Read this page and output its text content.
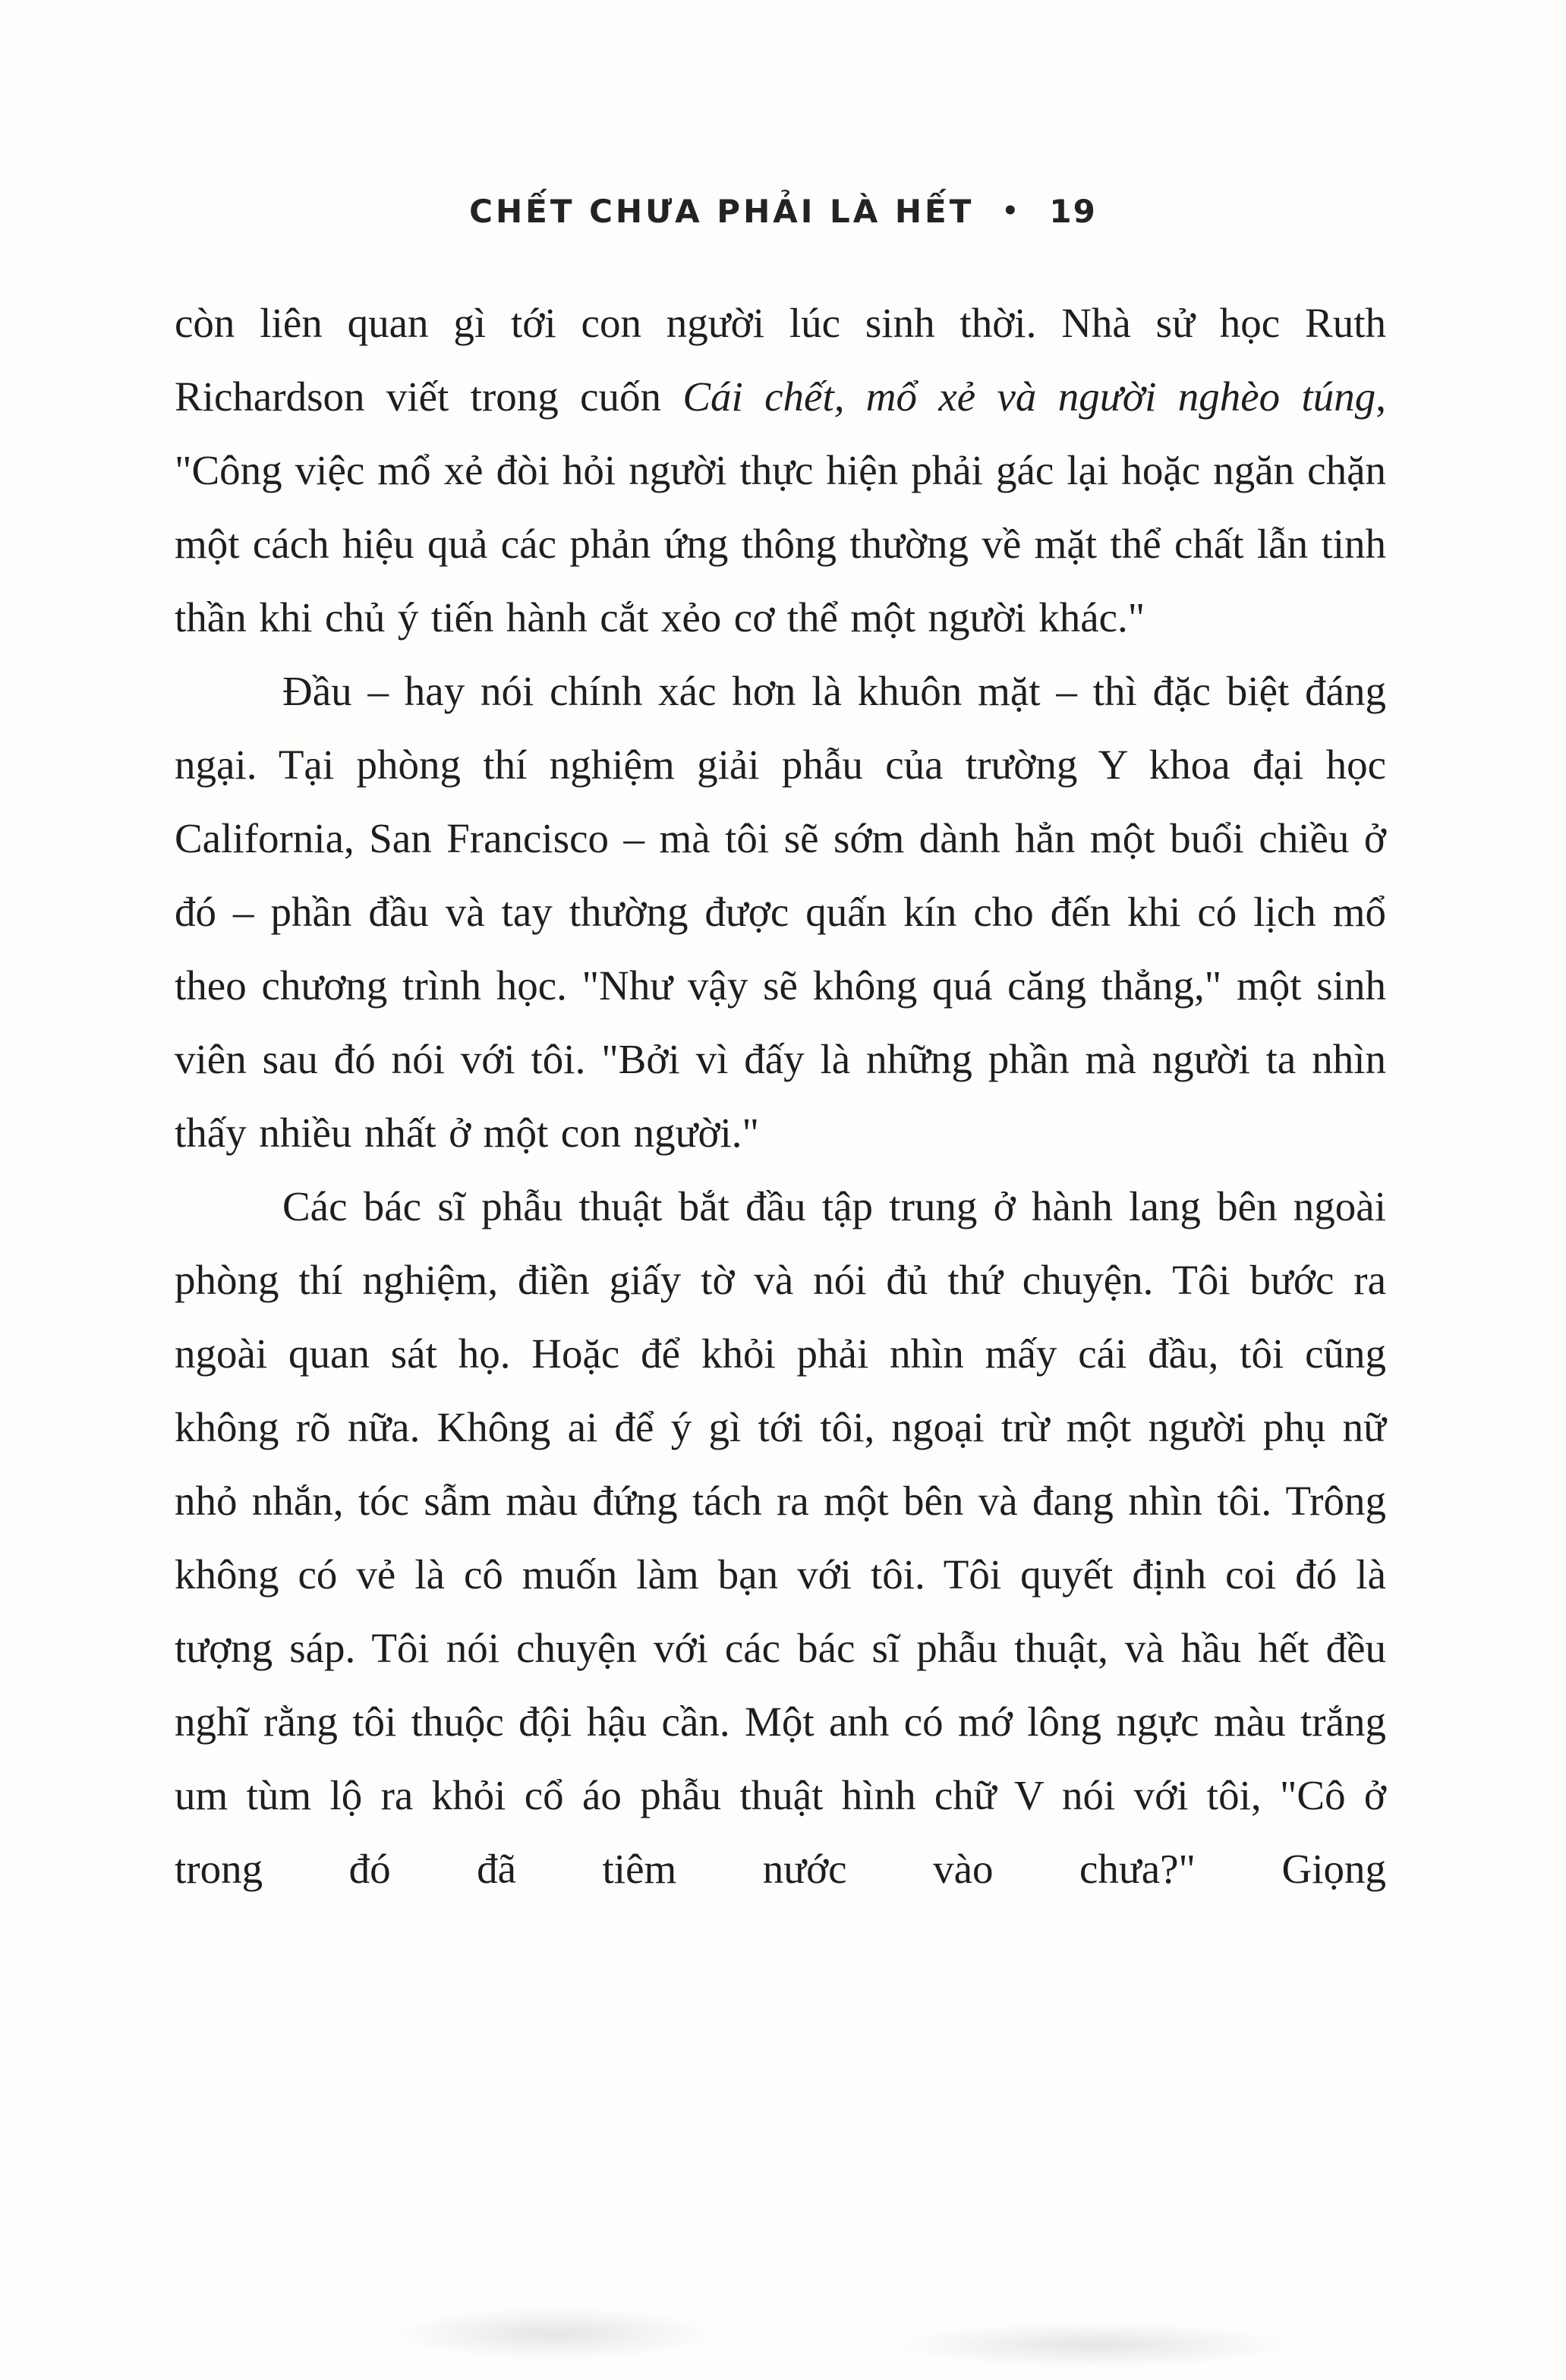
CHẾT CHƯA PHẢI LÀ HẾT • 19

còn liên quan gì tới con người lúc sinh thời. Nhà sử học Ruth Richardson viết trong cuốn Cái chết, mổ xẻ và người nghèo túng, "Công việc mổ xẻ đòi hỏi người thực hiện phải gác lại hoặc ngăn chặn một cách hiệu quả các phản ứng thông thường về mặt thể chất lẫn tinh thần khi chủ ý tiến hành cắt xẻo cơ thể một người khác."

Đầu – hay nói chính xác hơn là khuôn mặt – thì đặc biệt đáng ngại. Tại phòng thí nghiệm giải phẫu của trường Y khoa đại học California, San Francisco – mà tôi sẽ sớm dành hẳn một buổi chiều ở đó – phần đầu và tay thường được quấn kín cho đến khi có lịch mổ theo chương trình học. "Như vậy sẽ không quá căng thẳng," một sinh viên sau đó nói với tôi. "Bởi vì đấy là những phần mà người ta nhìn thấy nhiều nhất ở một con người."

Các bác sĩ phẫu thuật bắt đầu tập trung ở hành lang bên ngoài phòng thí nghiệm, điền giấy tờ và nói đủ thứ chuyện. Tôi bước ra ngoài quan sát họ. Hoặc để khỏi phải nhìn mấy cái đầu, tôi cũng không rõ nữa. Không ai để ý gì tới tôi, ngoại trừ một người phụ nữ nhỏ nhắn, tóc sẫm màu đứng tách ra một bên và đang nhìn tôi. Trông không có vẻ là cô muốn làm bạn với tôi. Tôi quyết định coi đó là tượng sáp. Tôi nói chuyện với các bác sĩ phẫu thuật, và hầu hết đều nghĩ rằng tôi thuộc đội hậu cần. Một anh có mớ lông ngực màu trắng um tùm lộ ra khỏi cổ áo phẫu thuật hình chữ V nói với tôi, "Cô ở trong đó đã tiêm nước vào chưa?" Giọng
